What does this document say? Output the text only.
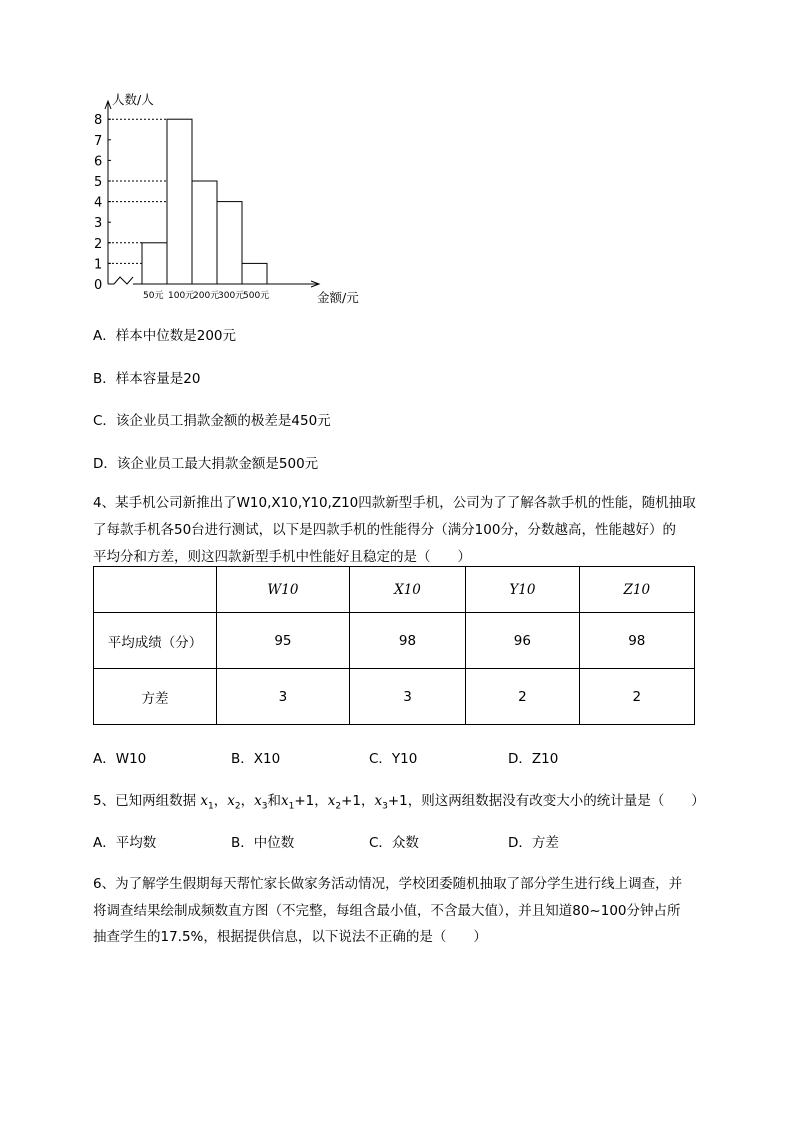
0
1
2
3
4
5
6
7
8
50元 100元
200元
300元
500元
人数/人
金额/元
A．样本中位数是200元
B．样本容量是20
C．该企业员工捐款金额的极差是450元
D．该企业员工最大捐款金额是500元
4、某手机公司新推出了W10,X10,Y10,Z10四款新型手机，公司为了了解各款手机的性能，随机抽取
了每款手机各50台进行测试，以下是四款手机的性能得分（满分100分，分数越高，性能越好）的
平均分和方差，则这四款新型手机中性能好且稳定的是（　　）
	W10	X10	Y10	Z10
平均成绩（分）	95	98	96	98
方差	3	3	2	2
A．W10	B．X10	C．Y10	D．Z10
5、已知两组数据 $x_1$，$x_2$，$x_3$和$x_1+1$，$x_2+1$，$x_3+1$，则这两组数据没有改变大小的统计量是（　　）
A．平均数	B．中位数	C．众数	D．方差
6、为了解学生假期每天帮忙家长做家务活动情况，学校团委随机抽取了部分学生进行线上调查，并
将调查结果绘制成频数直方图（不完整，每组含最小值，不含最大值），并且知道80~100分钟占所
抽查学生的17.5%，根据提供信息，以下说法不正确的是（　　）
